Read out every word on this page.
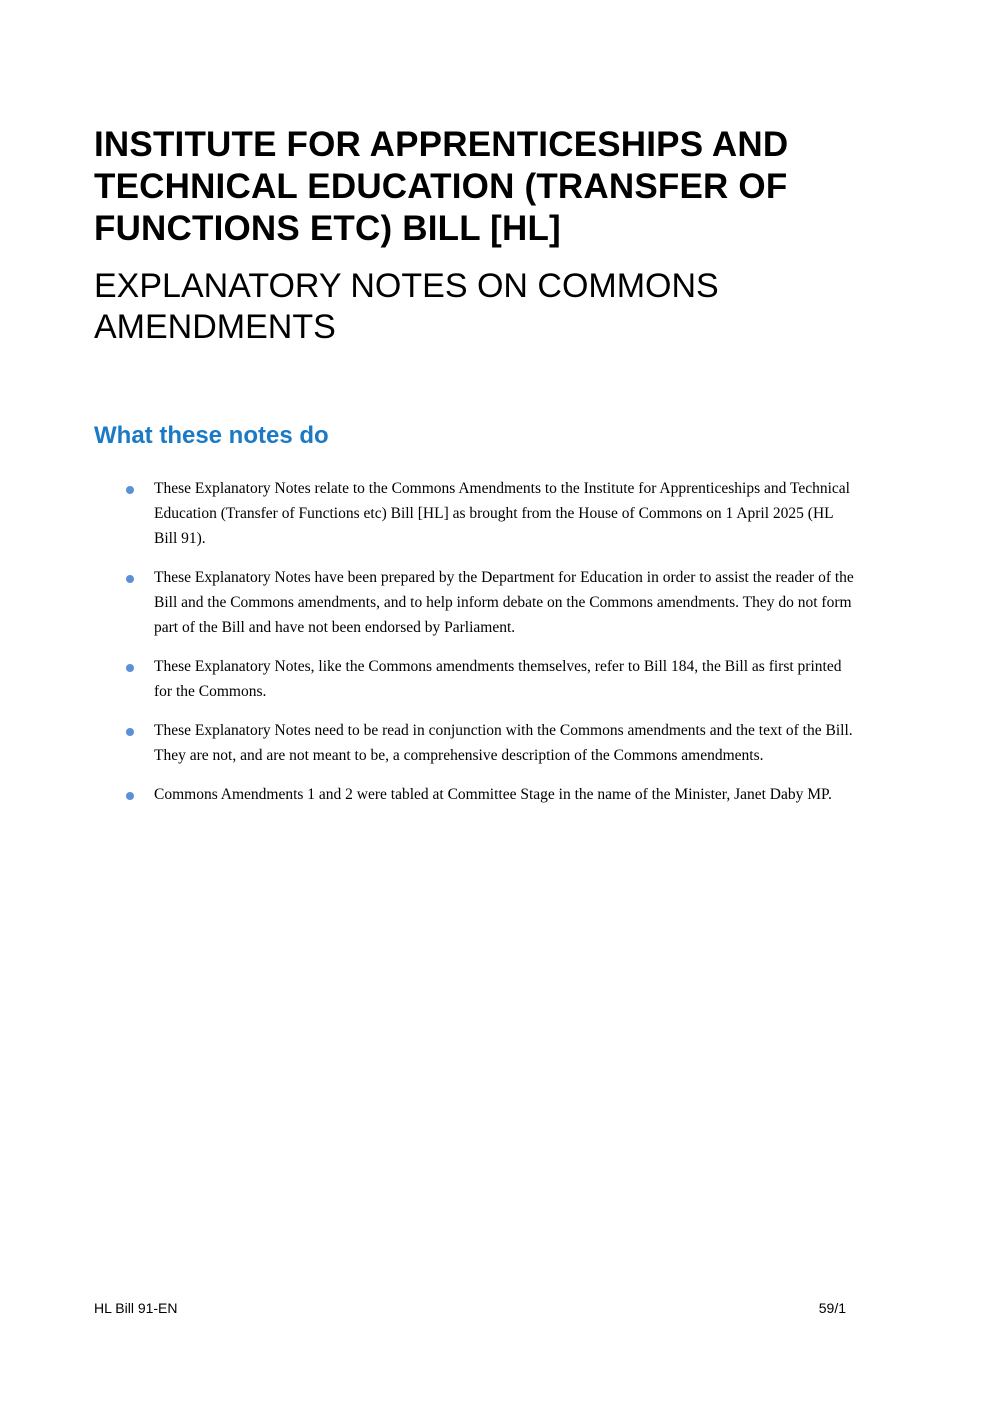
INSTITUTE FOR APPRENTICESHIPS AND TECHNICAL EDUCATION (TRANSFER OF FUNCTIONS ETC) BILL [HL]
EXPLANATORY NOTES ON COMMONS AMENDMENTS
What these notes do
These Explanatory Notes relate to the Commons Amendments to the Institute for Apprenticeships and Technical Education (Transfer of Functions etc) Bill [HL] as brought from the House of Commons on 1 April 2025 (HL Bill 91).
These Explanatory Notes have been prepared by the Department for Education in order to assist the reader of the Bill and the Commons amendments, and to help inform debate on the Commons amendments. They do not form part of the Bill and have not been endorsed by Parliament.
These Explanatory Notes, like the Commons amendments themselves, refer to Bill 184, the Bill as first printed for the Commons.
These Explanatory Notes need to be read in conjunction with the Commons amendments and the text of the Bill. They are not, and are not meant to be, a comprehensive description of the Commons amendments.
Commons Amendments 1 and 2 were tabled at Committee Stage in the name of the Minister, Janet Daby MP.
HL Bill 91-EN	59/1
